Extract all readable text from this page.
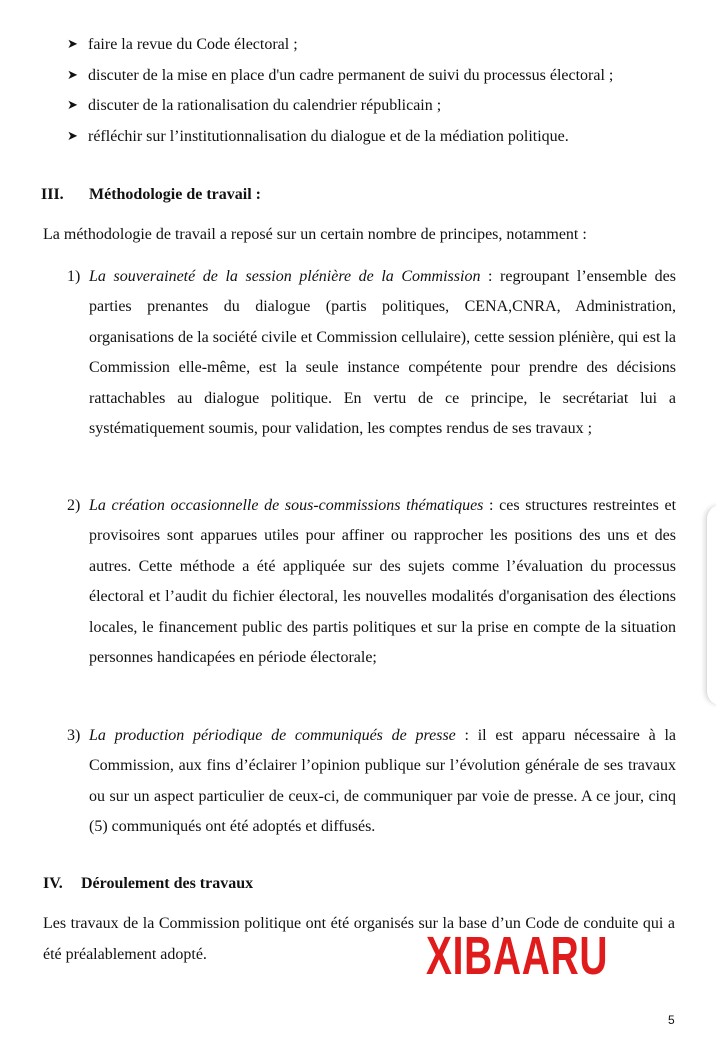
➤ faire la revue du Code électoral ;
➤ discuter de la mise en place d'un cadre permanent de suivi du processus électoral ;
➤ discuter de la rationalisation du calendrier républicain ;
➤ réfléchir sur l’institutionnalisation du dialogue et de la médiation politique.
III. Méthodologie de travail :
La méthodologie de travail a reposé sur un certain nombre de principes, notamment :
1) La souveraineté de la session plénière de la Commission : regroupant l’ensemble des parties prenantes du dialogue (partis politiques, CENA,CNRA, Administration, organisations de la société civile et Commission cellulaire), cette session plénière, qui est la Commission elle-même, est la seule instance compétente pour prendre des décisions rattachables au dialogue politique. En vertu de ce principe, le secrétariat lui a systématiquement soumis, pour validation, les comptes rendus de ses travaux ;
2) La création occasionnelle de sous-commissions thématiques : ces structures restreintes et provisoires sont apparues utiles pour affiner ou rapprocher les positions des uns et des autres. Cette méthode a été appliquée sur des sujets comme l’évaluation du processus électoral et l’audit du fichier électoral, les nouvelles modalités d'organisation des élections locales, le financement public des partis politiques et sur la prise en compte de la situation personnes handicapées en période électorale;
3) La production périodique de communiqués de presse : il est apparu nécessaire à la Commission, aux fins d’éclairer l’opinion publique sur l’évolution générale de ses travaux ou sur un aspect particulier de ceux-ci, de communiquer par voie de presse. A ce jour, cinq (5) communiqués ont été adoptés et diffusés.
IV. Déroulement des travaux
Les travaux de la Commission politique ont été organisés sur la base d’un Code de conduite qui a été préalablement adopté.	XIBAARU
5
